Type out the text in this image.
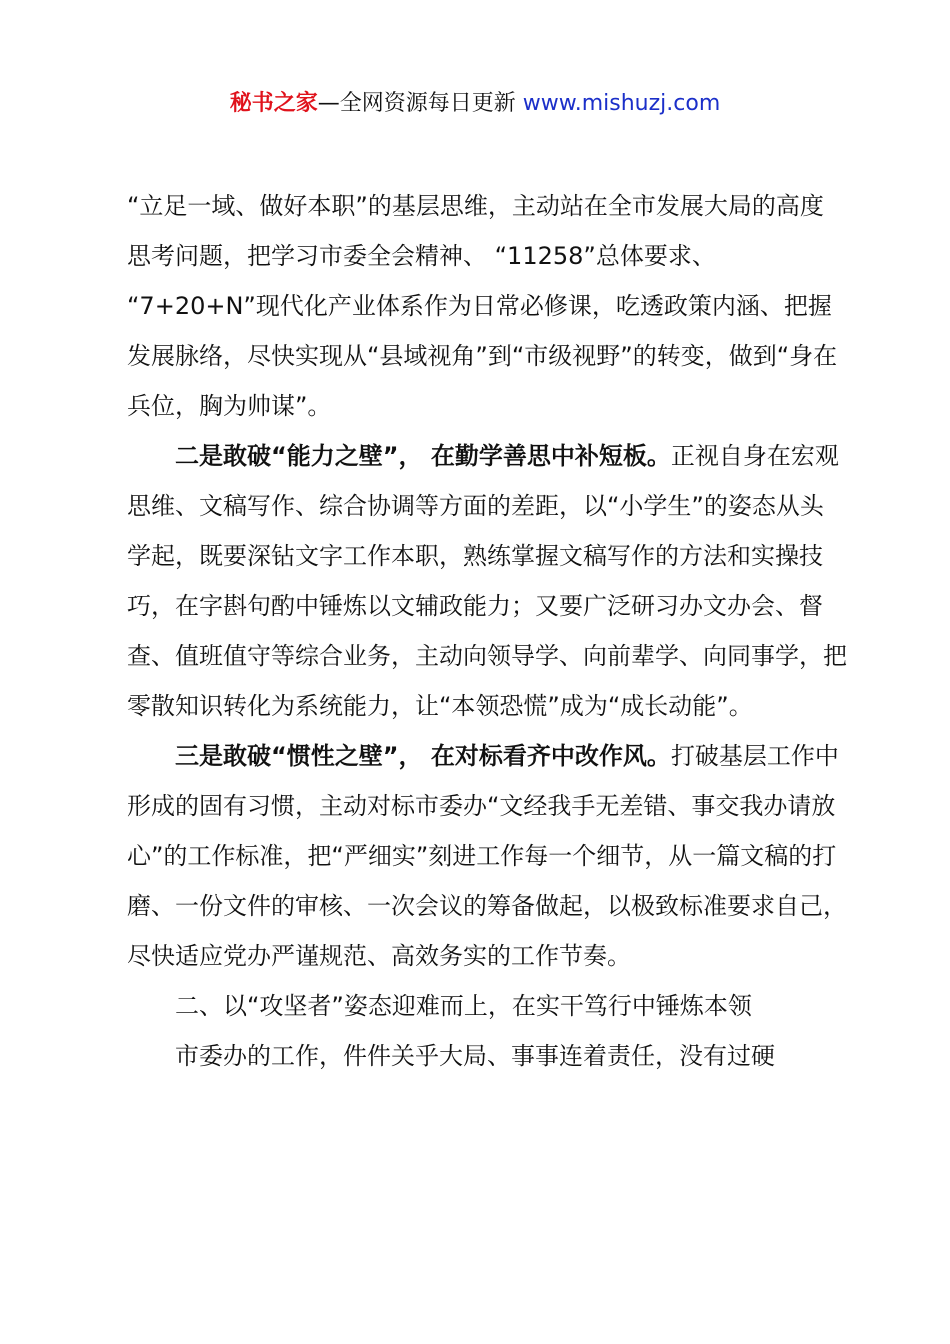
秘书之家—全网资源每日更新 www.mishuzj.com

“立足一域、做好本职”的基层思维，主动站在全市发展大局的高度思考问题，把学习市委全会精神、 “11258”总体要求、 “7+20+N”现代化产业体系作为日常必修课，吃透政策内涵、把握发展脉络，尽快实现从“县域视角”到“市级视野”的转变，做到“身在兵位，胸为帅谋”。

二是敢破“能力之壁”， 在勤学善思中补短板。正视自身在宏观思维、文稿写作、综合协调等方面的差距，以“小学生”的姿态从头学起，既要深钻文字工作本职，熟练掌握文稿写作的方法和实操技巧，在字斟句酌中锤炼以文辅政能力；又要广泛研习办文办会、督查、值班值守等综合业务，主动向领导学、向前辈学、向同事学，把零散知识转化为系统能力，让“本领恐慌”成为“成长动能”。

三是敢破“惯性之壁”， 在对标看齐中改作风。打破基层工作中形成的固有习惯，主动对标市委办“文经我手无差错、事交我办请放心”的工作标准，把“严细实”刻进工作每一个细节，从一篇文稿的打磨、一份文件的审核、一次会议的筹备做起，以极致标准要求自己，尽快适应党办严谨规范、高效务实的工作节奏。

二、以“攻坚者”姿态迎难而上，在实干笃行中锤炼本领

市委办的工作，件件关乎大局、事事连着责任，没有过硬
